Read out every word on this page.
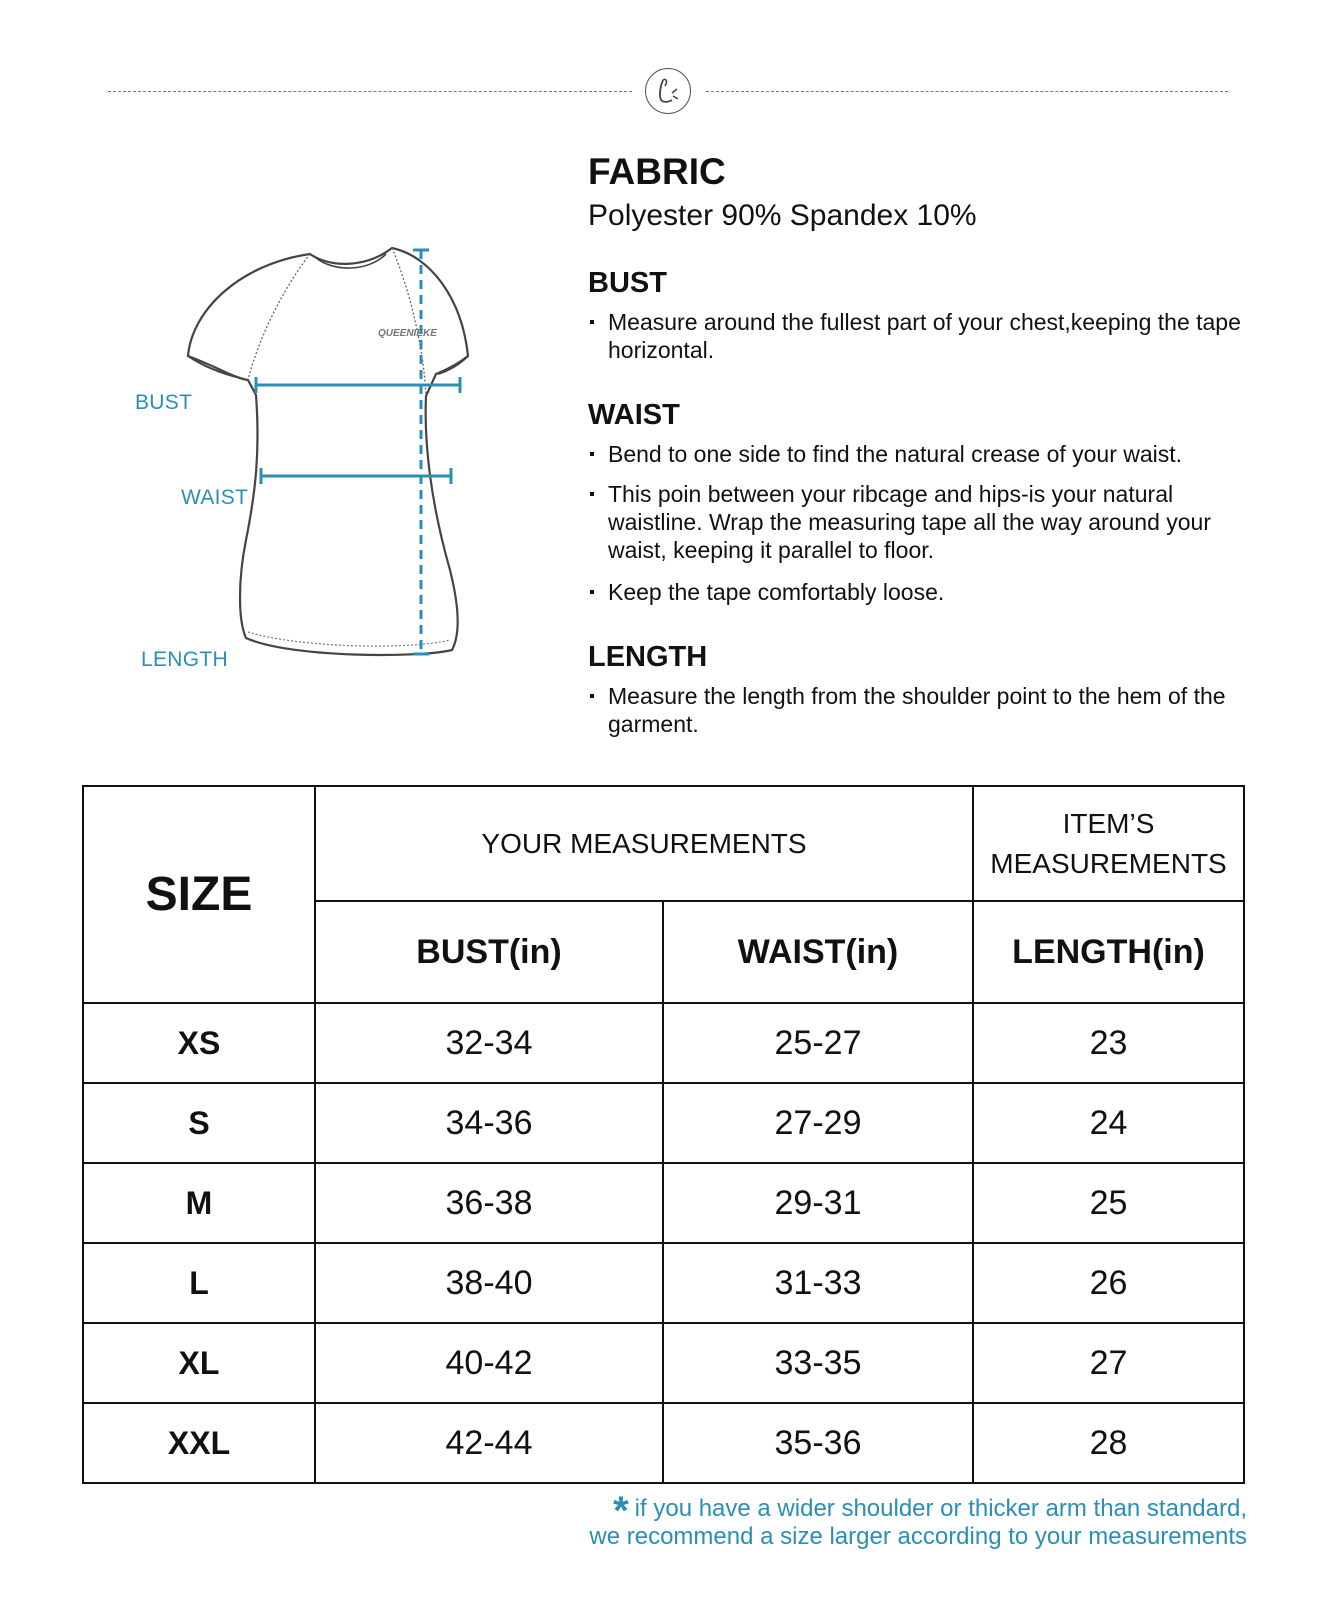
QUEENIEKE
BUST
WAIST
LENGTH
FABRIC

Polyester 90% Spandex 10%

BUST
Measure around the fullest part of your chest,keeping the tape horizontal.
WAIST
Bend to one side to find the natural crease of your waist.
This poin between your ribcage and hips-is your natural waistline. Wrap the measuring tape all the way around your waist, keeping it parallel to floor.
Keep the tape comfortably loose.
LENGTH
Measure the length from the shoulder point to the hem of the garment.
SIZE	YOUR MEASUREMENTS		ITEM’S
MEASUREMENTS

	BUST(in)	WAIST(in)	LENGTH(in)
XS	32-34	25-27	23
S	34-36	27-29	24
M	36-38	29-31	25
L	38-40	31-33	26
XL	40-42	33-35	27
XXL	42-44	35-36	28
* if you have a wider shoulder or thicker arm than standard,
we recommend a size larger according to your measurements
